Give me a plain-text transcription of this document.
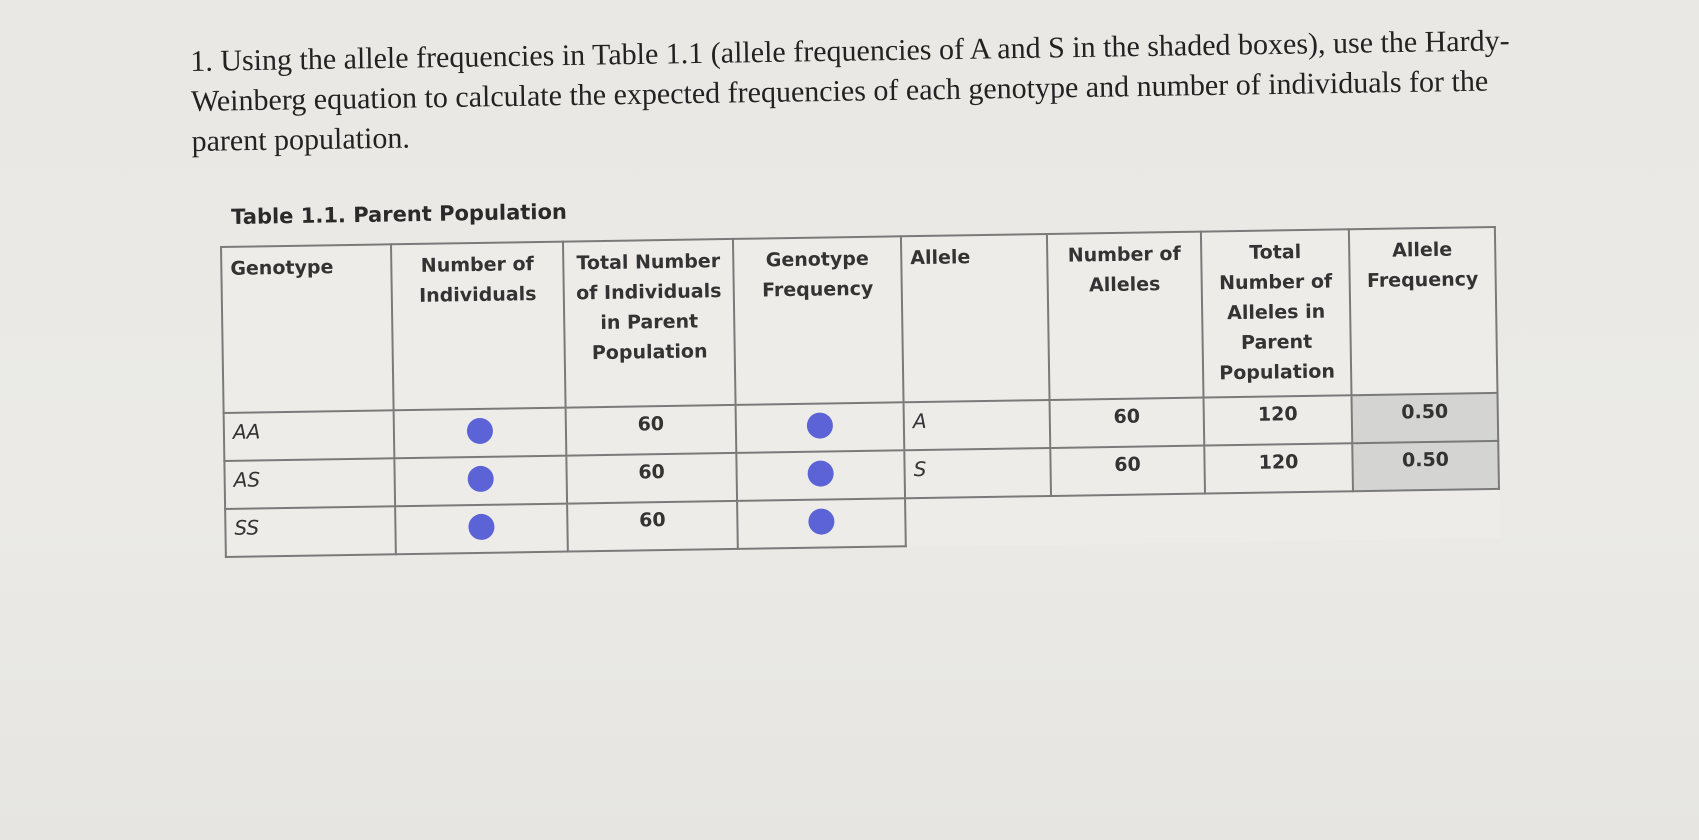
1. Using the allele frequencies in Table 1.1 (allele frequencies of A and S in the shaded boxes), use the Hardy-Weinberg equation to calculate the expected frequencies of each genotype and number of individuals for the parent population.

Table 1.1. Parent Population
Genotype	Number of Individuals	Total Number of Individuals in Parent Population	Genotype Frequency	Allele	Number of Alleles	Total Number of Alleles in Parent Population	Allele Frequency
AA		60		A	60	120	0.50
AS		60		S	60	120	0.50
SS		60					
